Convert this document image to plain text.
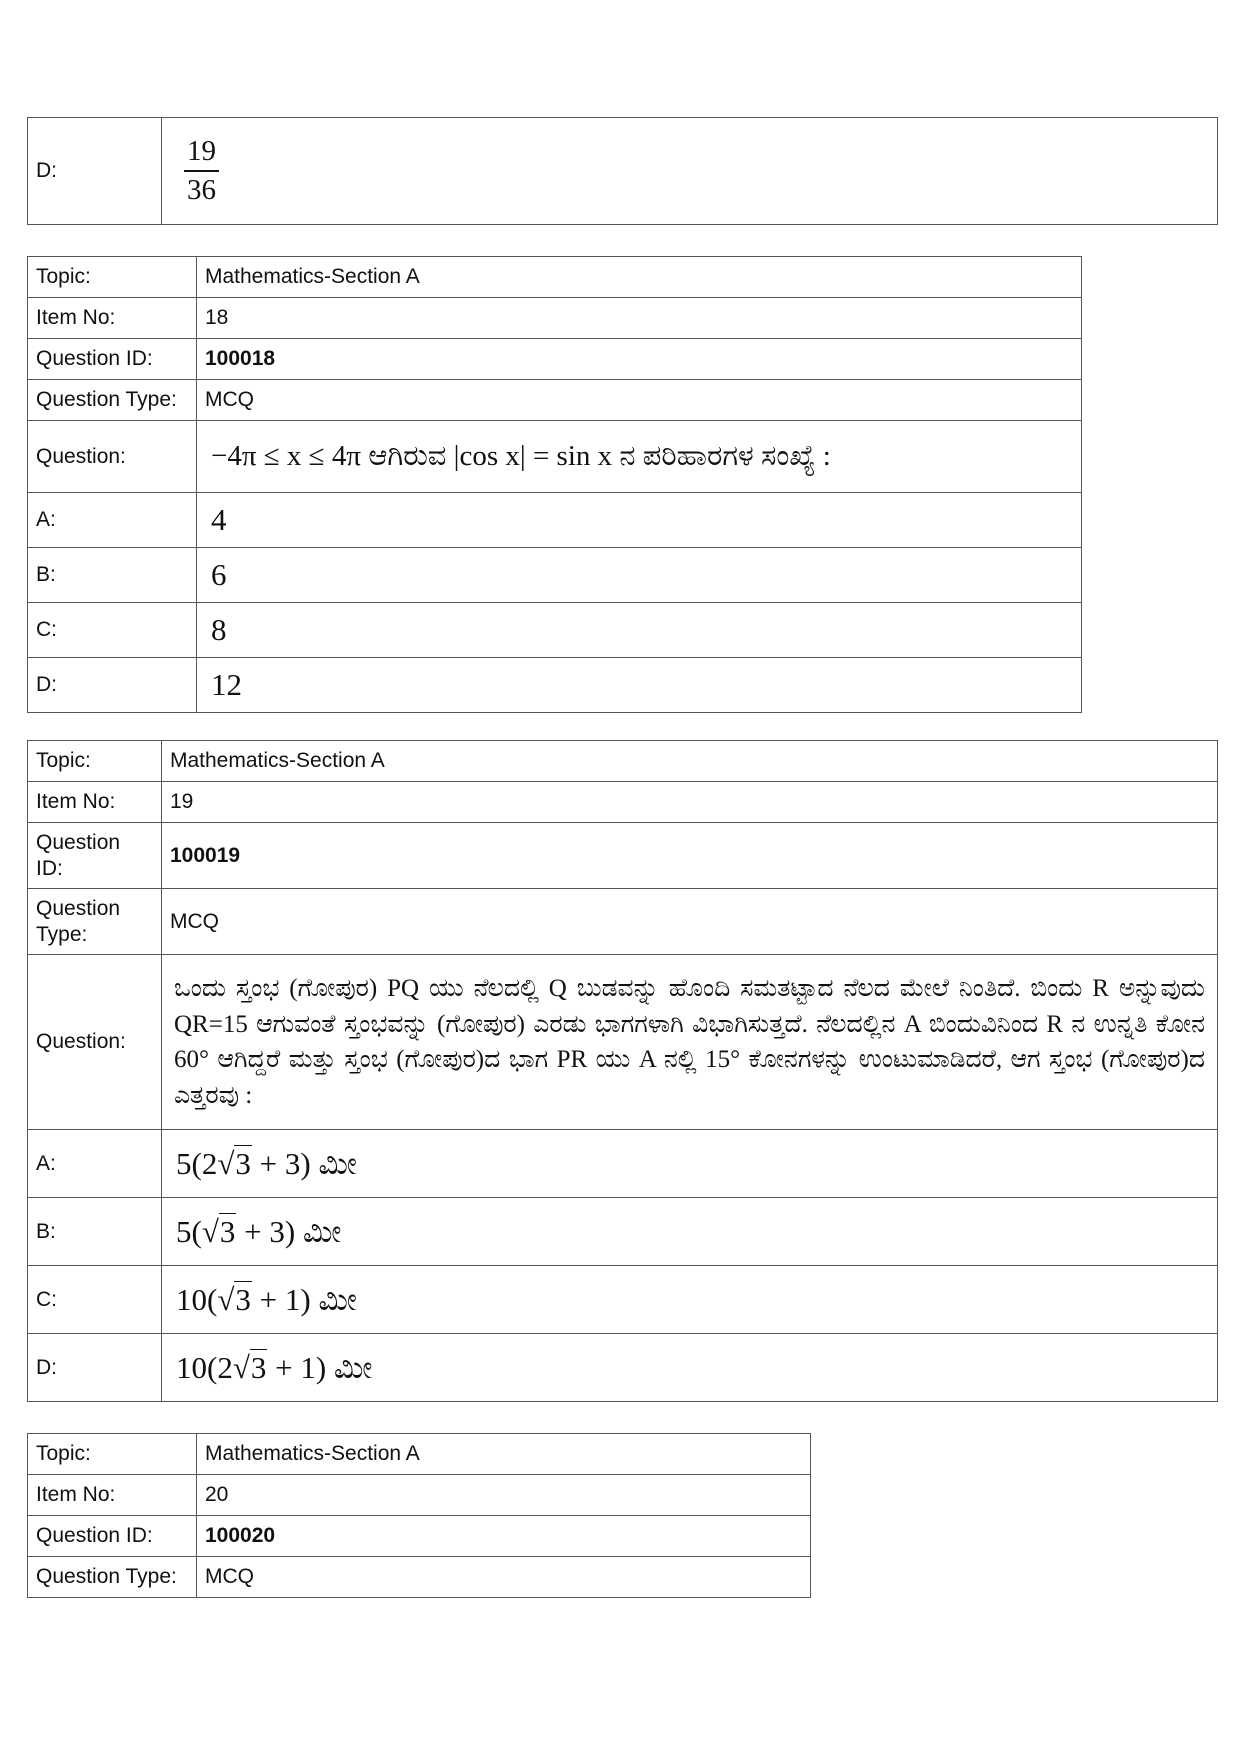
D:	$\frac{19}{36}$
Topic:	Mathematics-Section A
Item No:	18
Question ID:	100018
Question Type:	MCQ
Question:	−4π ≤ x ≤ 4π ಆಗಿರುವ |cos x| = sin x ನ ಪರಿಹಾರಗಳ ಸಂಖ್ಯೆ :
A:	4
B:	6
C:	8
D:	12
Topic:	Mathematics-Section A
Item No:	19
Question
ID:	100019
Question
Type:	MCQ
Question:	ಒಂದು ಸ್ತಂಭ (ಗೋಪುರ) PQ ಯು ನೆಲದಲ್ಲಿ Q ಬುಡವನ್ನು ಹೊಂದಿ ಸಮತಟ್ಟಾದ ನೆಲದ ಮೇಲೆ ನಿಂತಿದೆ. ಬಿಂದು R ಅನ್ನುವುದು QR=15 ಆಗುವಂತೆ ಸ್ತಂಭವನ್ನು (ಗೋಪುರ) ಎರಡು ಭಾಗಗಳಾಗಿ ವಿಭಾಗಿಸುತ್ತದೆ. ನೆಲದಲ್ಲಿನ A ಬಿಂದುವಿನಿಂದ R ನ ಉನ್ನತಿ ಕೋನ 60° ಆಗಿದ್ದರೆ ಮತ್ತು ಸ್ತಂಭ (ಗೋಪುರ)ದ ಭಾಗ PR ಯು A ನಲ್ಲಿ 15° ಕೋನಗಳನ್ನು ಉಂಟುಮಾಡಿದರೆ, ಆಗ ಸ್ತಂಭ (ಗೋಪುರ)ದ ಎತ್ತರವು :
A:	5(2√3 + 3) ಮೀ
B:	5(√3 + 3) ಮೀ
C:	10(√3 + 1) ಮೀ
D:	10(2√3 + 1) ಮೀ
Topic:	Mathematics-Section A
Item No:	20
Question ID:	100020
Question Type:	MCQ
